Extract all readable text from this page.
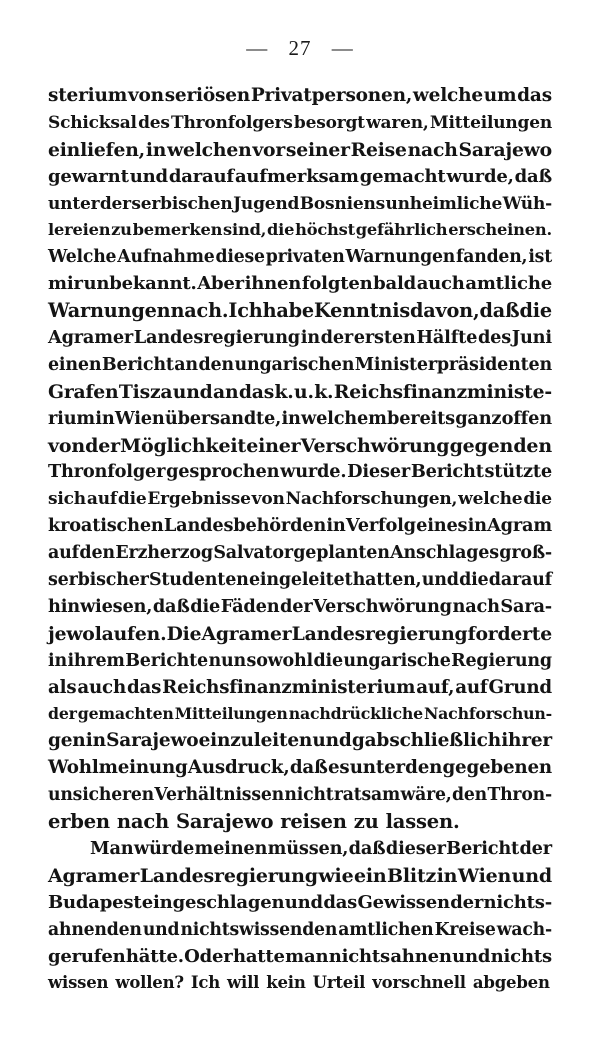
— 27 —
sterium von seriösen Privatpersonen, welche um das
Schicksal des Thronfolgers besorgt waren, Mitteilungen
einliefen, in welchen vor seiner Reise nach Sarajewo
gewarnt und darauf aufmerksam gemacht wurde, daß
unter der serbischen Jugend Bosniens unheimliche Wüh-
lereien zu bemerken sind, die höchst gefährlich erscheinen.
Welche Aufnahme diese privaten Warnungen fanden, ist
mir unbekannt. Aber ihnen folgten bald auch amtliche
Warnungen nach. Ich habe Kenntnis davon, daß die
Agramer Landesregierung in der ersten Hälfte des Juni
einen Bericht an den ungarischen Ministerpräsidenten
Grafen Tisza und an das k. u. k. Reichsfinanzministe-
rium in Wien übersandte, in welchem bereits ganz offen
von der Möglichkeit einer Verschwörung gegen den
Thronfolger gesprochen wurde. Dieser Bericht stützte
sich auf die Ergebnisse von Nachforschungen, welche die
kroatischen Landesbehörden in Verfolg eines in Agram
auf den Erzherzog Salvator geplanten Anschlages groß-
serbischer Studenten eingeleitet hatten, und die darauf
hinwiesen, daß die Fäden der Verschwörung nach Sara-
jewo laufen. Die Agramer Landesregierung forderte
in ihrem Berichte nun sowohl die ungarische Regierung
als auch das Reichsfinanzministerium auf, auf Grund
der gemachten Mitteilungen nachdrückliche Nachforschun-
gen in Sarajewo einzuleiten und gab schließlich ihrer
Wohlmeinung Ausdruck, daß es unter den gegebenen
unsicheren Verhältnissen nicht ratsam wäre, den Thron-
erben nach Sarajewo reisen zu lassen.
Man würde meinen müssen, daß dieser Bericht der
Agramer Landesregierung wie ein Blitz in Wien und
Budapest eingeschlagen und das Gewissen der nichts-
ahnenden und nichtswissenden amtlichen Kreise wach-
gerufen hätte. Oder hatte man nichts ahnen und nichts
wissen wollen? Ich will kein Urteil vorschnell abgeben
